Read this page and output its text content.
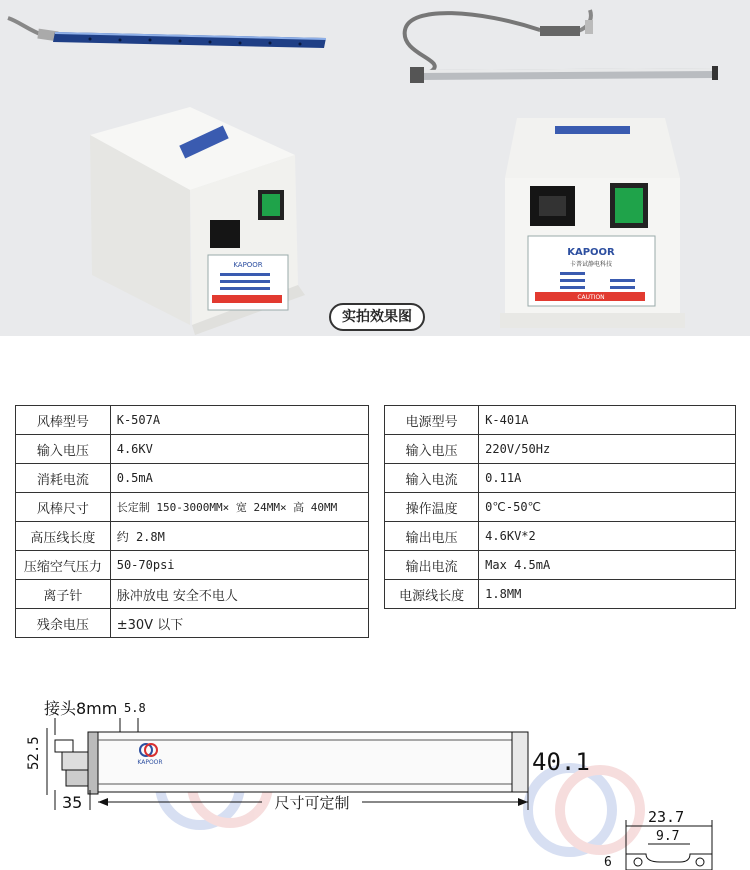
KAPOOR
KAPOOR
卡普试静电科技
CAUTION
实拍效果图
风棒型号	K-507A
输入电压	4.6KV
消耗电流	0.5mA
风棒尺寸	长定制 150-3000MM× 宽 24MM× 高 40MM
高压线长度	约 2.8M
压缩空气压力	50-70psi
离子针	脉冲放电 安全不电人
残余电压	±30V 以下
电源型号	K-401A
输入电压	220V/50Hz
输入电流	0.11A
操作温度	0℃-50℃
输出电压	4.6KV*2
输出电流	Max 4.5mA
电源线长度	1.8MM
接头8mm 5.8
52.5	KAPOOR	40.1
35	尺寸可定制
23.7
9.7
6
